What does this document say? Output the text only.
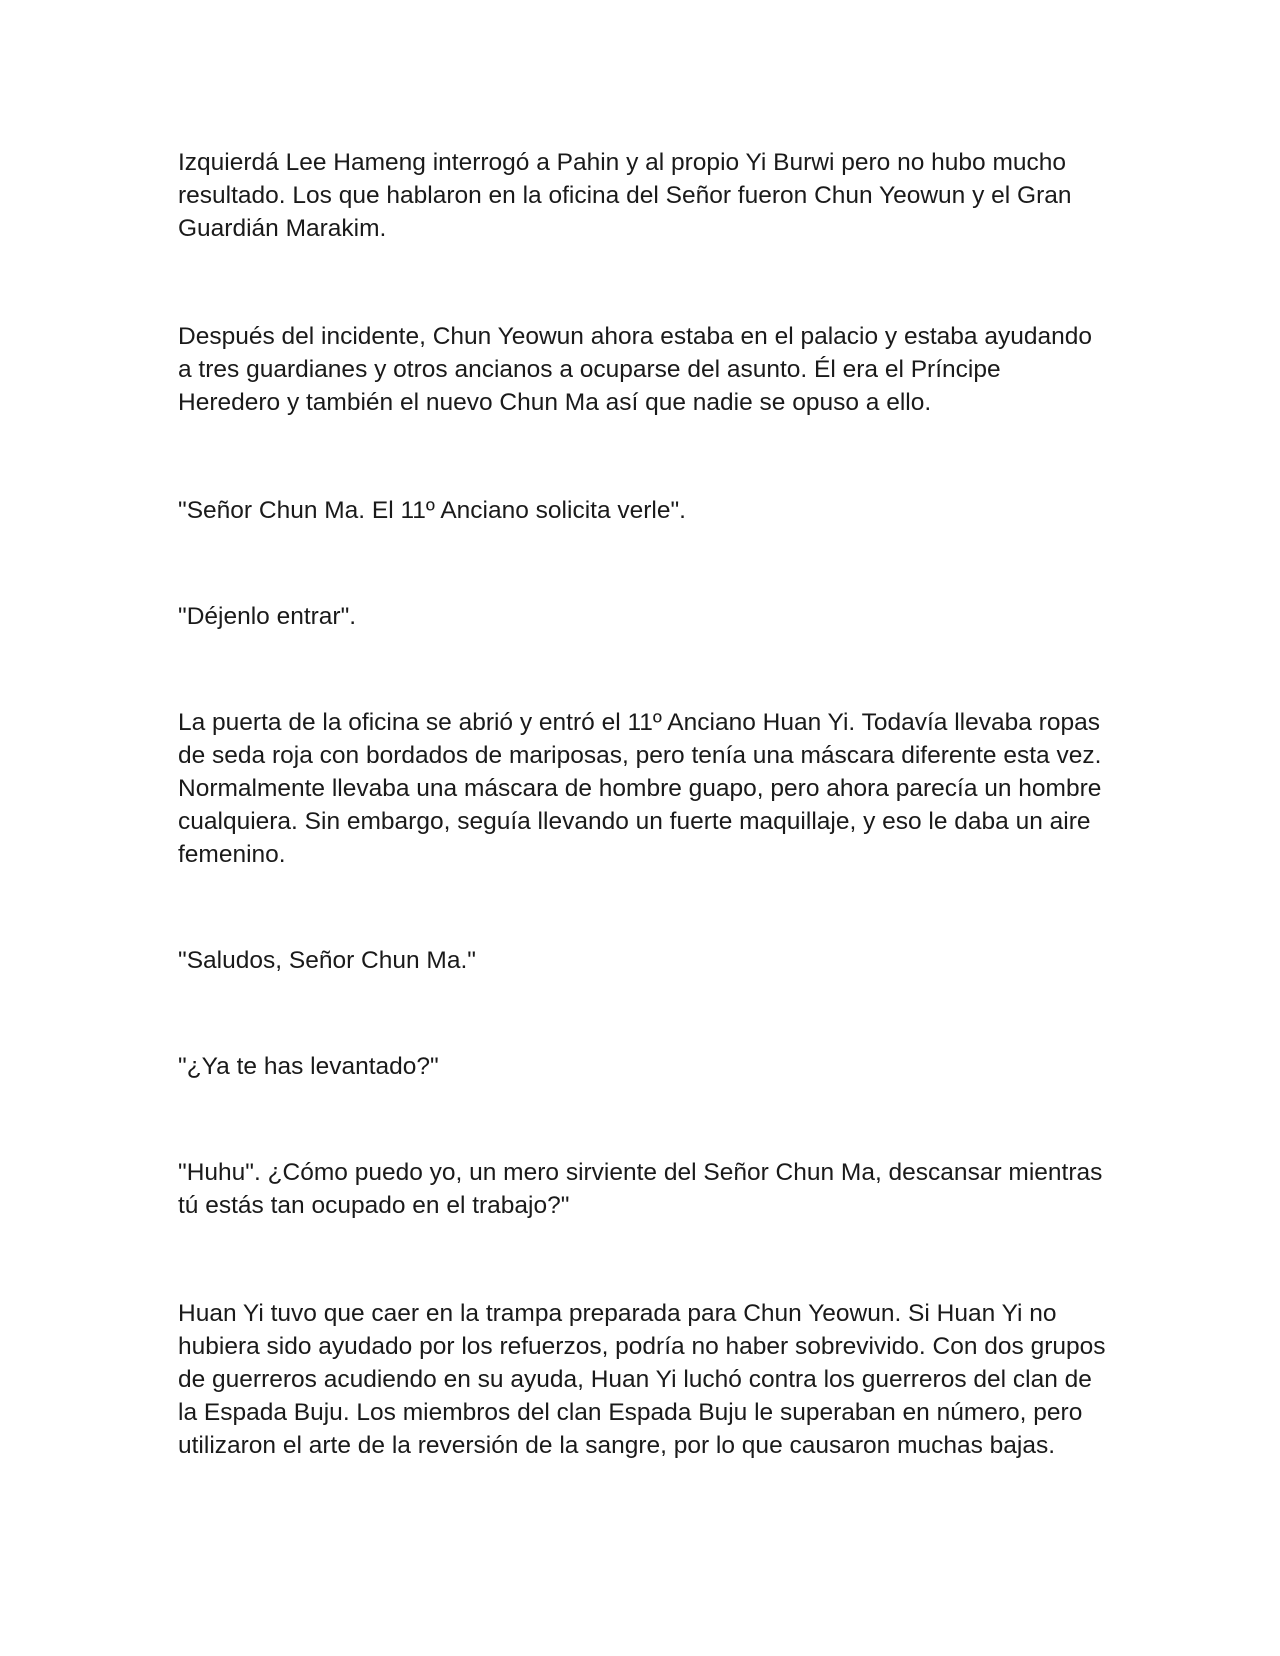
Izquierdá Lee Hameng interrogó a Pahin y al propio Yi Burwi pero no hubo mucho resultado. Los que hablaron en la oficina del Señor fueron Chun Yeowun y el Gran Guardián Marakim.

Después del incidente, Chun Yeowun ahora estaba en el palacio y estaba ayudando a tres guardianes y otros ancianos a ocuparse del asunto. Él era el Príncipe Heredero y también el nuevo Chun Ma así que nadie se opuso a ello.

"Señor Chun Ma. El 11º Anciano solicita verle".

"Déjenlo entrar".

La puerta de la oficina se abrió y entró el 11º Anciano Huan Yi. Todavía llevaba ropas de seda roja con bordados de mariposas, pero tenía una máscara diferente esta vez. Normalmente llevaba una máscara de hombre guapo, pero ahora parecía un hombre cualquiera. Sin embargo, seguía llevando un fuerte maquillaje, y eso le daba un aire femenino.

"Saludos, Señor Chun Ma."

"¿Ya te has levantado?"

"Huhu". ¿Cómo puedo yo, un mero sirviente del Señor Chun Ma, descansar mientras tú estás tan ocupado en el trabajo?"

Huan Yi tuvo que caer en la trampa preparada para Chun Yeowun. Si Huan Yi no hubiera sido ayudado por los refuerzos, podría no haber sobrevivido. Con dos grupos de guerreros acudiendo en su ayuda, Huan Yi luchó contra los guerreros del clan de la Espada Buju. Los miembros del clan Espada Buju le superaban en número, pero utilizaron el arte de la reversión de la sangre, por lo que causaron muchas bajas.
